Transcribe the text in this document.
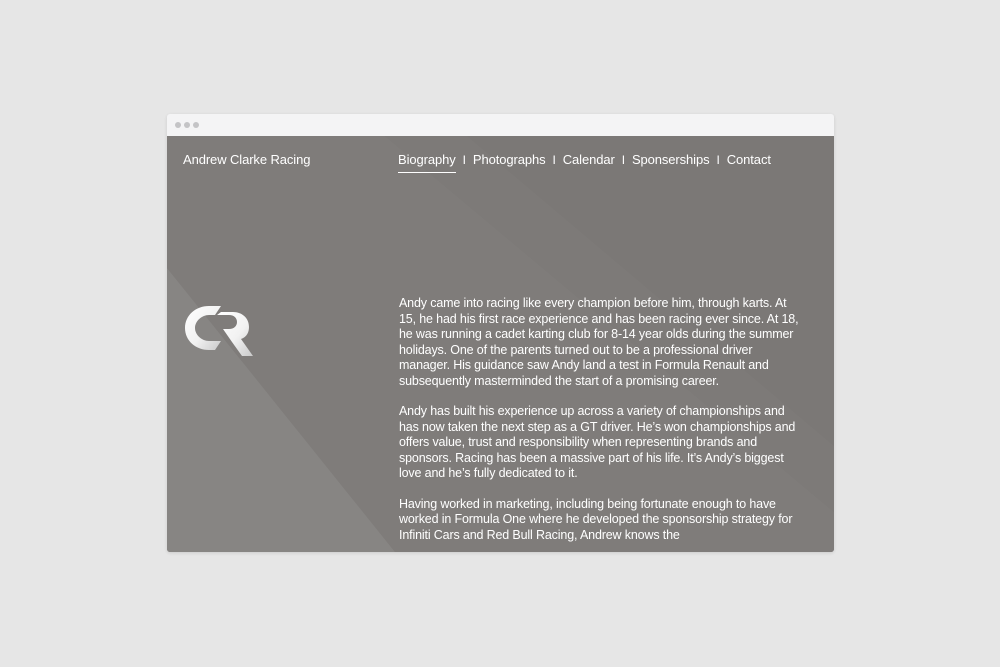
Andrew Clarke Racing	Biography I Photographs I Calendar I Sponserships I Contact

Andy came into racing like every champion before him, through karts. At 15, he had his first race experience and has been racing ever since. At 18, he was running a cadet karting club for 8-14 year olds during the summer holidays. One of the parents turned out to be a professional driver manager. His guidance saw Andy land a test in Formula Renault and subsequently masterminded the start of a promising career.

Andy has built his experience up across a variety of championships and has now taken the next step as a GT driver. He’s won championships and offers value, trust and responsibility when representing brands and sponsors. Racing has been a massive part of his life. It’s Andy’s biggest love and he’s fully dedicated to it.

Having worked in marketing, including being fortunate enough to have worked in Formula One where he developed the sponsorship strategy for Infiniti Cars and Red Bull Racing, Andrew knows the
